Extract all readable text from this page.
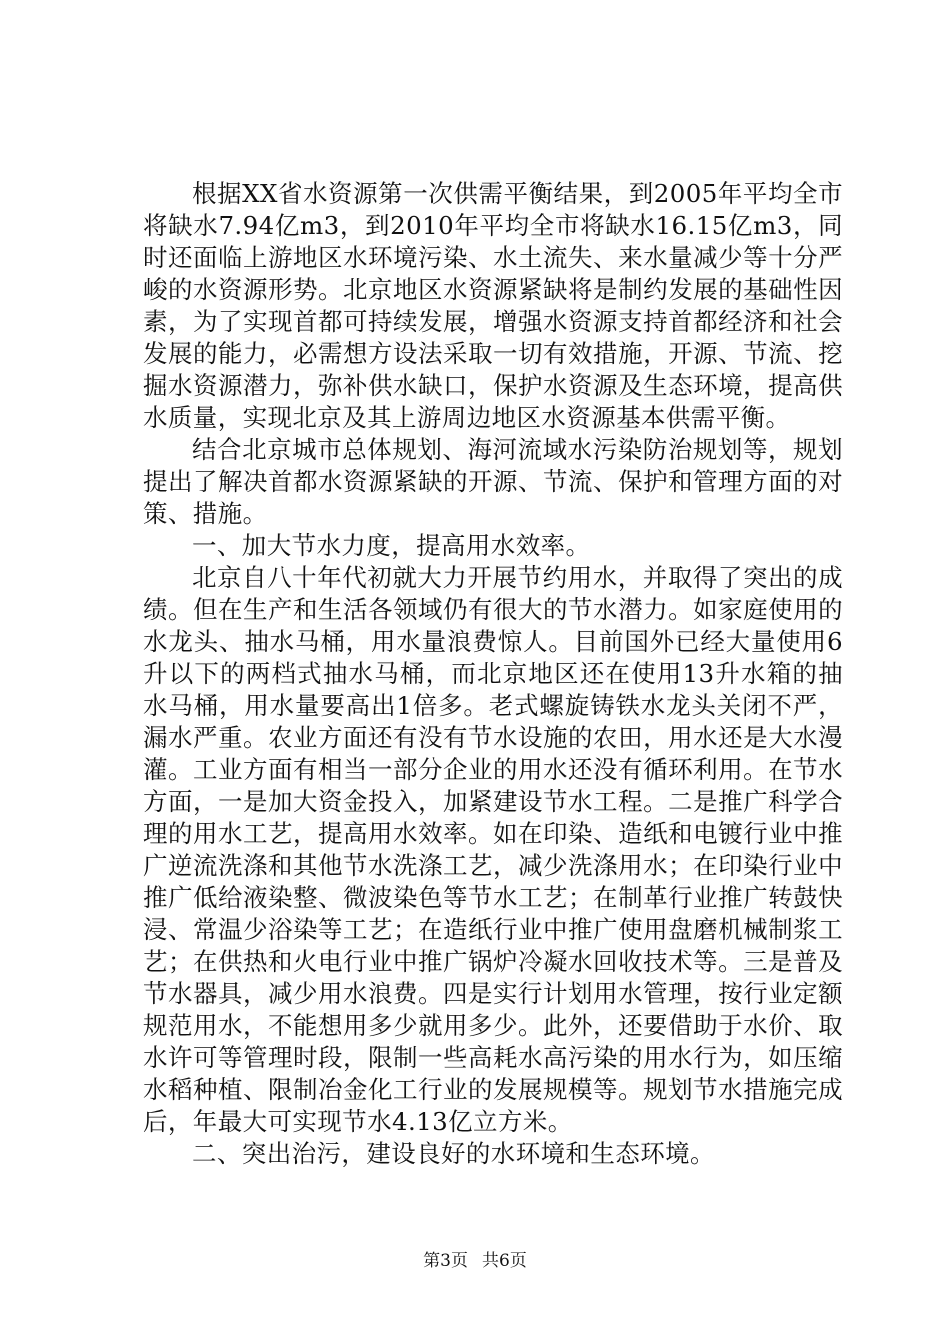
根据XX省水资源第一次供需平衡结果，到2005年平均全市将缺水7.94亿m3，到2010年平均全市将缺水16.15亿m3，同时还面临上游地区水环境污染、水土流失、来水量减少等十分严峻的水资源形势。北京地区水资源紧缺将是制约发展的基础性因素，为了实现首都可持续发展，增强水资源支持首都经济和社会发展的能力，必需想方设法采取一切有效措施，开源、节流、挖掘水资源潜力，弥补供水缺口，保护水资源及生态环境，提高供水质量，实现北京及其上游周边地区水资源基本供需平衡。

结合北京城市总体规划、海河流域水污染防治规划等，规划提出了解决首都水资源紧缺的开源、节流、保护和管理方面的对策、措施。

一、加大节水力度，提高用水效率。

北京自八十年代初就大力开展节约用水，并取得了突出的成绩。但在生产和生活各领域仍有很大的节水潜力。如家庭使用的水龙头、抽水马桶，用水量浪费惊人。目前国外已经大量使用6升以下的两档式抽水马桶，而北京地区还在使用13升水箱的抽水马桶，用水量要高出1倍多。老式螺旋铸铁水龙头关闭不严，漏水严重。农业方面还有没有节水设施的农田，用水还是大水漫灌。工业方面有相当一部分企业的用水还没有循环利用。在节水方面，一是加大资金投入，加紧建设节水工程。二是推广科学合理的用水工艺，提高用水效率。如在印染、造纸和电镀行业中推广逆流洗涤和其他节水洗涤工艺，减少洗涤用水；在印染行业中推广低给液染整、微波染色等节水工艺；在制革行业推广转鼓快浸、常温少浴染等工艺；在造纸行业中推广使用盘磨机械制浆工艺；在供热和火电行业中推广锅炉冷凝水回收技术等。三是普及节水器具，减少用水浪费。四是实行计划用水管理，按行业定额规范用水，不能想用多少就用多少。此外，还要借助于水价、取水许可等管理时段，限制一些高耗水高污染的用水行为，如压缩水稻种植、限制冶金化工行业的发展规模等。规划节水措施完成后，年最大可实现节水4.13亿立方米。

二、突出治污，建设良好的水环境和生态环境。

第3页 共6页
